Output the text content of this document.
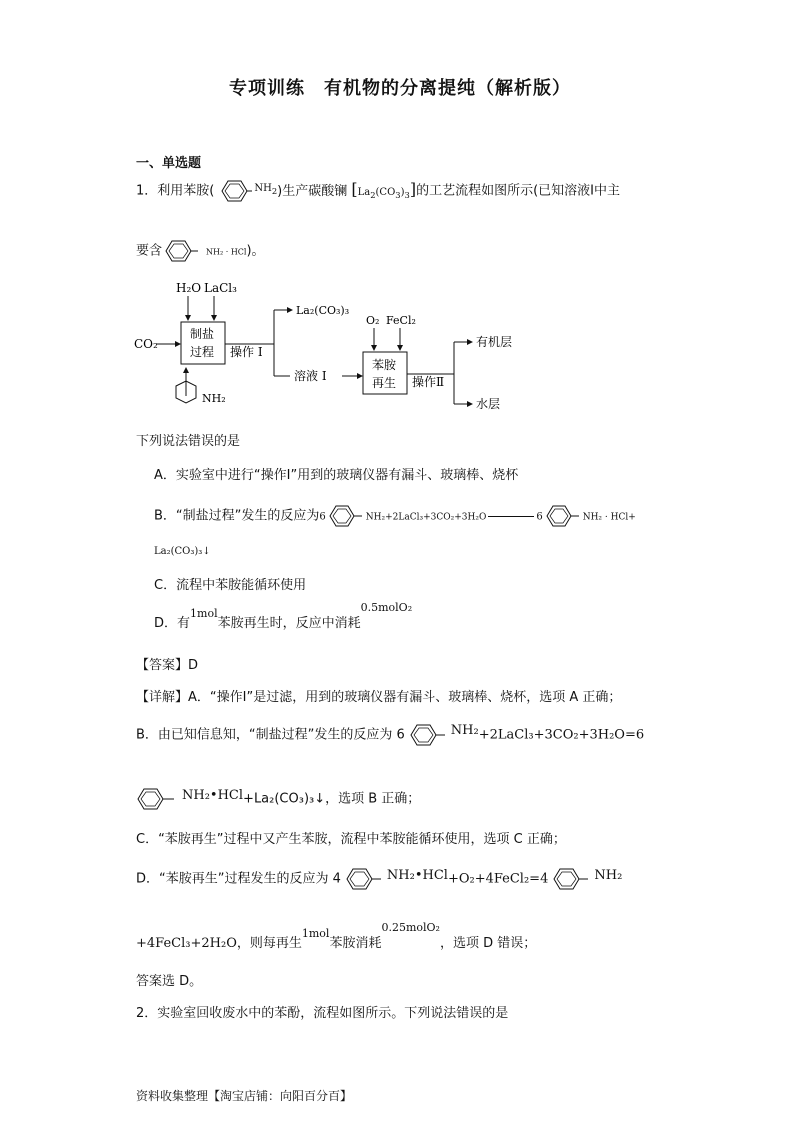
专项训练　有机物的分离提纯（解析版）
一、单选题
1．利用苯胺(	$^{NH_2}$)生产碳酸镧 $[La_2(CO_3)_3]$的工艺流程如图所示(已知溶液Ⅰ中主
要含	NH₂ · HCl)。
H₂O LaCl₃
CO₂
制盐
过程 操作 I
La₂(CO₃)₃
溶液 I
NH₂
O₂ FeCl₂
苯胺
再生 操作Ⅱ
有机层
水层
下列说法错误的是
A．实验室中进行“操作Ⅰ”用到的玻璃仪器有漏斗、玻璃棒、烧杯
B．“制盐过程”发生的反应为6	NH₂+2LaCl₃+3CO₂+3H₂O	6	NH₂ · HCl+
La₂(CO₃)₃↓
C．流程中苯胺能循环使用
D．有$^{1mol}$苯胺再生时，反应中消耗$^{0.5molO_2}$
【答案】D
【详解】A．“操作Ⅰ”是过滤，用到的玻璃仪器有漏斗、玻璃棒、烧杯，选项 A 正确；
B．由已知信息知，“制盐过程”发生的反应为 6	NH₂+2LaCl₃+3CO₂+3H₂O=6
NH₂•HCl+La₂(CO₃)₃↓，选项 B 正确；
C．“苯胺再生”过程中又产生苯胺，流程中苯胺能循环使用，选项 C 正确；
D．“苯胺再生”过程发生的反应为 4	NH₂•HCl+O₂+4FeCl₂=4	NH₂
+4FeCl₃+2H₂O，则每再生$^{1mol}$苯胺消耗$^{0.25molO_2}$，选项 D 错误；
答案选 D。
2．实验室回收废水中的苯酚，流程如图所示。下列说法错误的是
资料收集整理【淘宝店铺：向阳百分百】
